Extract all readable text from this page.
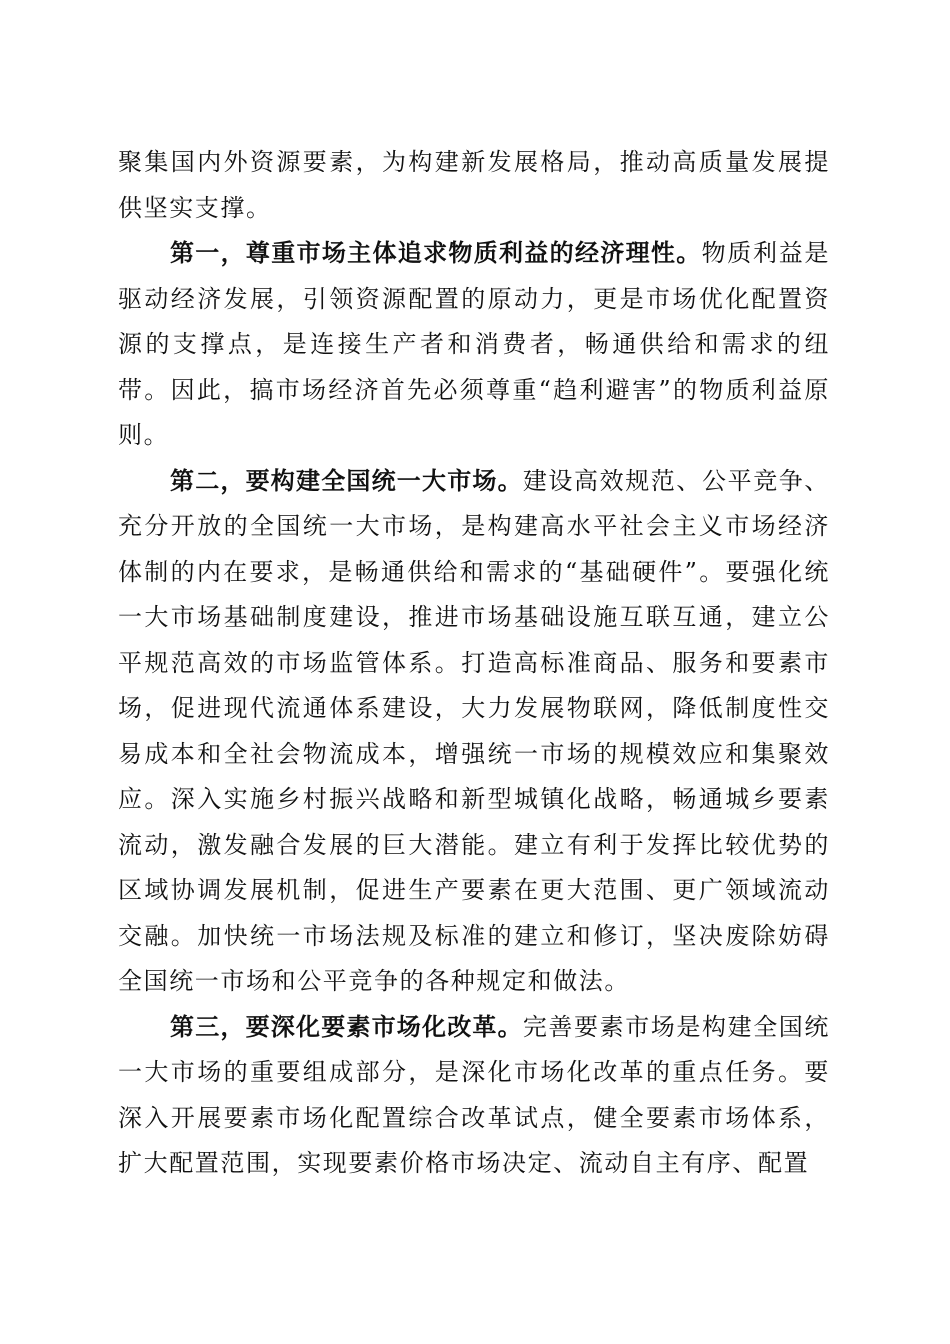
聚集国内外资源要素，为构建新发展格局，推动高质量发展提供坚实支撑。

第一，尊重市场主体追求物质利益的经济理性。物质利益是驱动经济发展，引领资源配置的原动力，更是市场优化配置资源的支撑点，是连接生产者和消费者，畅通供给和需求的纽带。因此，搞市场经济首先必须尊重“趋利避害”的物质利益原则。

第二，要构建全国统一大市场。建设高效规范、公平竞争、充分开放的全国统一大市场，是构建高水平社会主义市场经济体制的内在要求，是畅通供给和需求的“基础硬件”。要强化统一大市场基础制度建设，推进市场基础设施互联互通，建立公平规范高效的市场监管体系。打造高标准商品、服务和要素市场，促进现代流通体系建设，大力发展物联网，降低制度性交易成本和全社会物流成本，增强统一市场的规模效应和集聚效应。深入实施乡村振兴战略和新型城镇化战略，畅通城乡要素流动，激发融合发展的巨大潜能。建立有利于发挥比较优势的区域协调发展机制，促进生产要素在更大范围、更广领域流动交融。加快统一市场法规及标准的建立和修订，坚决废除妨碍全国统一市场和公平竞争的各种规定和做法。

第三，要深化要素市场化改革。完善要素市场是构建全国统一大市场的重要组成部分，是深化市场化改革的重点任务。要深入开展要素市场化配置综合改革试点，健全要素市场体系，扩大配置范围，实现要素价格市场决定、流动自主有序、配置
